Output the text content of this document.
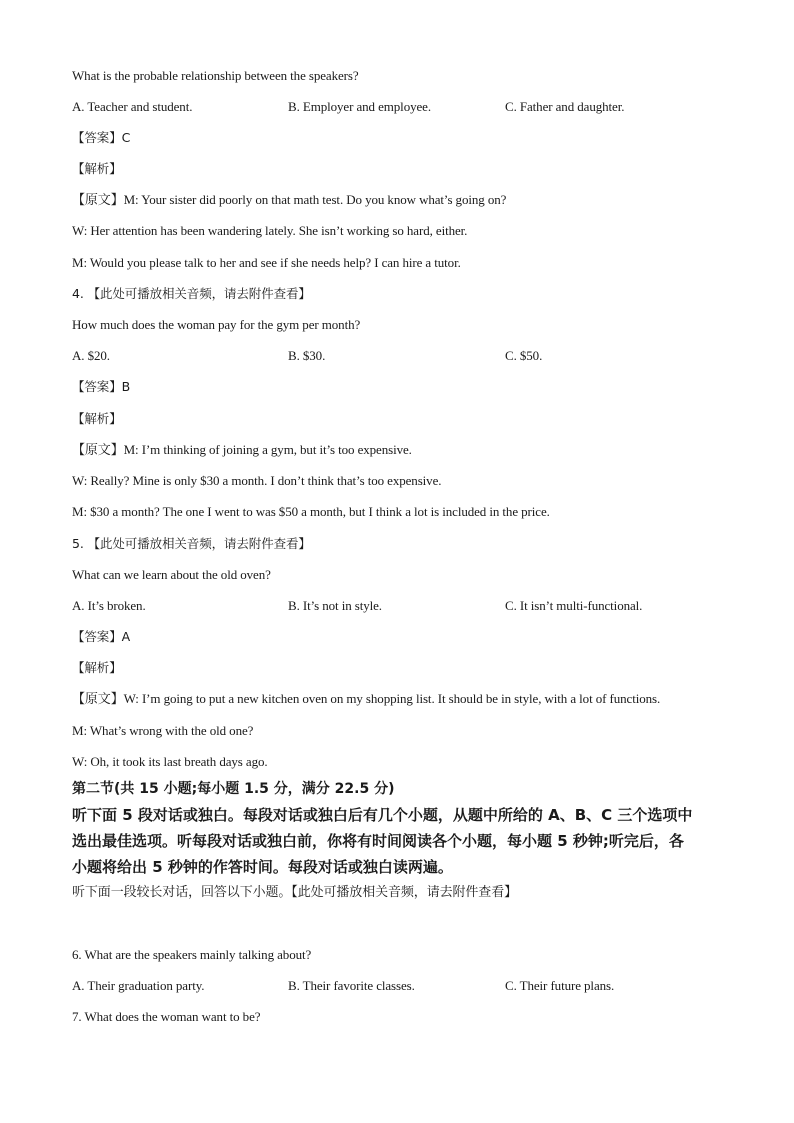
What is the probable relationship between the speakers?
A. Teacher and student.	B. Employer and employee.	C. Father and daughter.
【答案】C
【解析】
【原文】M: Your sister did poorly on that math test. Do you know what’s going on?
W: Her attention has been wandering lately. She isn’t working so hard, either.
M: Would you please talk to her and see if she needs help? I can hire a tutor.
4. 【此处可播放相关音频，请去附件查看】
How much does the woman pay for the gym per month?
A. $20.	B. $30.	C. $50.
【答案】B
【解析】
【原文】M: I’m thinking of joining a gym, but it’s too expensive.
W: Really? Mine is only $30 a month. I don’t think that’s too expensive.
M: $30 a month? The one I went to was $50 a month, but I think a lot is included in the price.
5. 【此处可播放相关音频，请去附件查看】
What can we learn about the old oven?
A. It’s broken.	B. It’s not in style.	C. It isn’t multi-functional.
【答案】A
【解析】
【原文】W: I’m going to put a new kitchen oven on my shopping list. It should be in style, with a lot of functions.
M: What’s wrong with the old one?
W: Oh, it took its last breath days ago.
第二节(共 15 小题;每小题 1.5 分，满分 22.5 分)
听下面 5 段对话或独白。每段对话或独白后有几个小题，从题中所给的 A、B、C 三个选项中
选出最佳选项。听每段对话或独白前，你将有时间阅读各个小题，每小题 5 秒钟;听完后，各
小题将给出 5 秒钟的作答时间。每段对话或独白读两遍。
听下面一段较长对话，回答以下小题。【此处可播放相关音频，请去附件查看】
6. What are the speakers mainly talking about?
A. Their graduation party.	B. Their favorite classes.	C. Their future plans.
7. What does the woman want to be?
